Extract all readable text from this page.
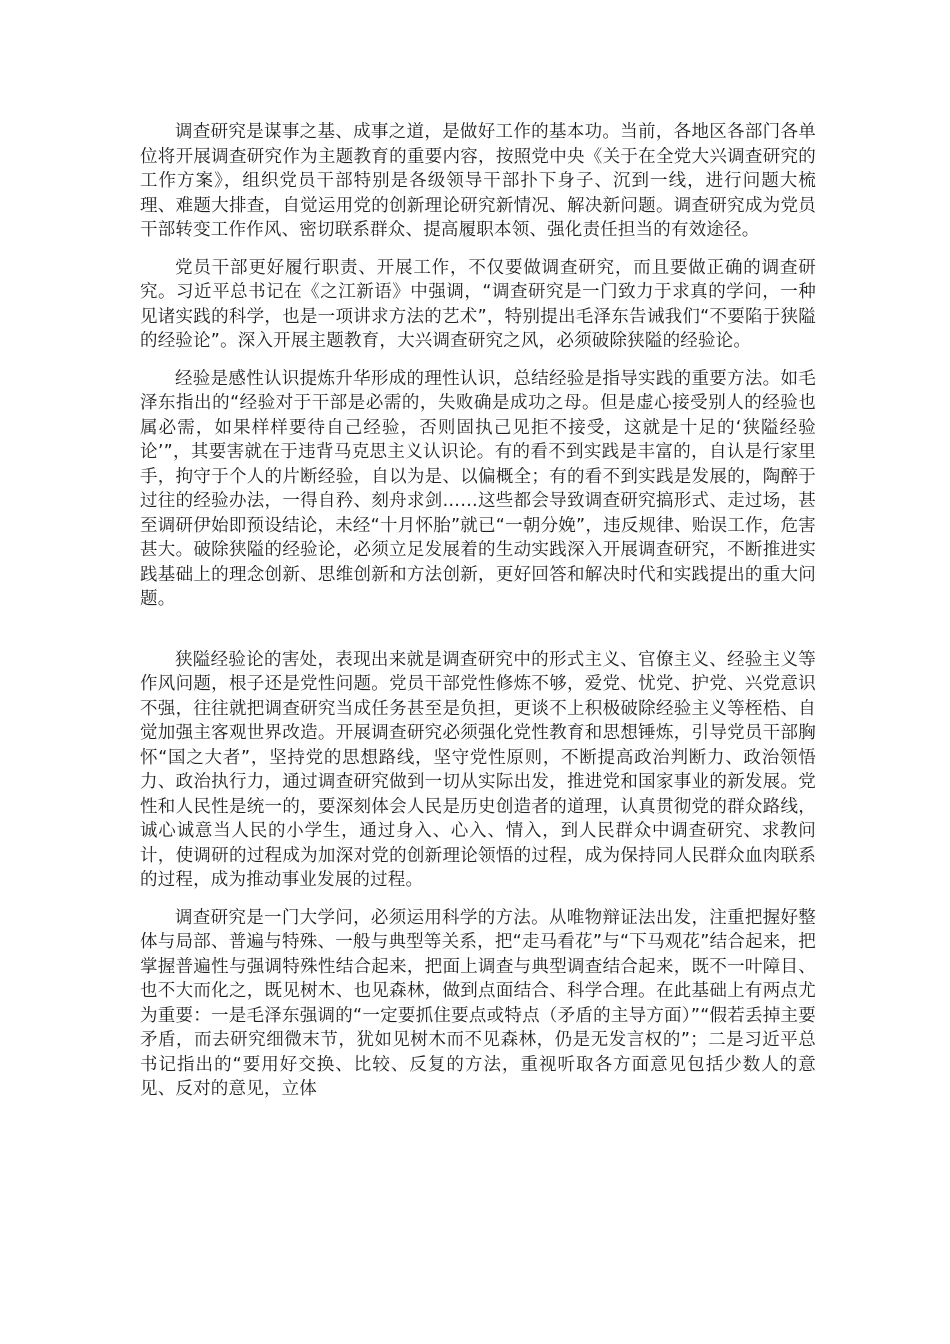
调查研究是谋事之基、成事之道，是做好工作的基本功。当前，各地区各部门各单位将开展调查研究作为主题教育的重要内容，按照党中央《关于在全党大兴调查研究的工作方案》，组织党员干部特别是各级领导干部扑下身子、沉到一线，进行问题大梳理、难题大排查，自觉运用党的创新理论研究新情况、解决新问题。调查研究成为党员干部转变工作作风、密切联系群众、提高履职本领、强化责任担当的有效途径。

党员干部更好履行职责、开展工作，不仅要做调查研究，而且要做正确的调查研究。习近平总书记在《之江新语》中强调，“调查研究是一门致力于求真的学问，一种见诸实践的科学，也是一项讲求方法的艺术”，特别提出毛泽东告诫我们“不要陷于狭隘的经验论”。深入开展主题教育，大兴调查研究之风，必须破除狭隘的经验论。

经验是感性认识提炼升华形成的理性认识，总结经验是指导实践的重要方法。如毛泽东指出的“经验对于干部是必需的，失败确是成功之母。但是虚心接受别人的经验也属必需，如果样样要待自己经验，否则固执己见拒不接受，这就是十足的‘狭隘经验论’”，其要害就在于违背马克思主义认识论。有的看不到实践是丰富的，自认是行家里手，拘守于个人的片断经验，自以为是、以偏概全；有的看不到实践是发展的，陶醉于过往的经验办法，一得自矜、刻舟求剑……这些都会导致调查研究搞形式、走过场，甚至调研伊始即预设结论，未经“十月怀胎”就已“一朝分娩”，违反规律、贻误工作，危害甚大。破除狭隘的经验论，必须立足发展着的生动实践深入开展调查研究，不断推进实践基础上的理念创新、思维创新和方法创新，更好回答和解决时代和实践提出的重大问题。

狭隘经验论的害处，表现出来就是调查研究中的形式主义、官僚主义、经验主义等作风问题，根子还是党性问题。党员干部党性修炼不够，爱党、忧党、护党、兴党意识不强，往往就把调查研究当成任务甚至是负担，更谈不上积极破除经验主义等桎梏、自觉加强主客观世界改造。开展调查研究必须强化党性教育和思想锤炼，引导党员干部胸怀“国之大者”，坚持党的思想路线，坚守党性原则，不断提高政治判断力、政治领悟力、政治执行力，通过调查研究做到一切从实际出发，推进党和国家事业的新发展。党性和人民性是统一的，要深刻体会人民是历史创造者的道理，认真贯彻党的群众路线，诚心诚意当人民的小学生，通过身入、心入、情入，到人民群众中调查研究、求教问计，使调研的过程成为加深对党的创新理论领悟的过程，成为保持同人民群众血肉联系的过程，成为推动事业发展的过程。

调查研究是一门大学问，必须运用科学的方法。从唯物辩证法出发，注重把握好整体与局部、普遍与特殊、一般与典型等关系，把“走马看花”与“下马观花”结合起来，把掌握普遍性与强调特殊性结合起来，把面上调查与典型调查结合起来，既不一叶障目、也不大而化之，既见树木、也见森林，做到点面结合、科学合理。在此基础上有两点尤为重要：一是毛泽东强调的“一定要抓住要点或特点（矛盾的主导方面）”“假若丢掉主要矛盾，而去研究细微末节，犹如见树木而不见森林，仍是无发言权的”；二是习近平总书记指出的“要用好交换、比较、反复的方法，重视听取各方面意见包括少数人的意见、反对的意见，立体
